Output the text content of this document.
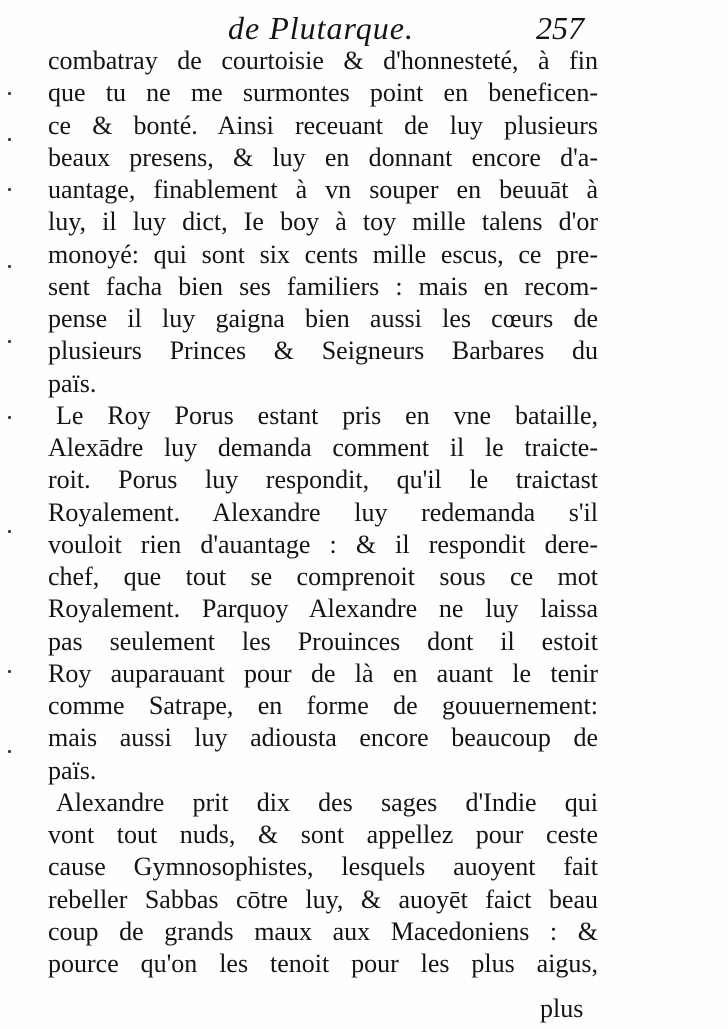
de Plutarque.	257
combatray de courtoisie & d'honnesteté, à fin
que tu ne me surmontes point en beneficen-
ce & bonté. Ainsi receuant de luy plusieurs
beaux presens, & luy en donnant encore d'a-
uantage, finablement à vn souper en beuuāt à
luy, il luy dict, Ie boy à toy mille talens d'or
monoyé: qui sont six cents mille escus, ce pre-
sent facha bien ses familiers : mais en recom-
pense il luy gaigna bien aussi les cœurs de
plusieurs Princes & Seigneurs Barbares du
païs.
Le Roy Porus estant pris en vne bataille,
Alexādre luy demanda comment il le traicte-
roit. Porus luy respondit, qu'il le traictast
Royalement. Alexandre luy redemanda s'il
vouloit rien d'auantage : & il respondit dere-
chef, que tout se comprenoit sous ce mot
Royalement. Parquoy Alexandre ne luy laissa
pas seulement les Prouinces dont il estoit
Roy auparauant pour de là en auant le tenir
comme Satrape, en forme de gouuernement:
mais aussi luy adiousta encore beaucoup de
païs.
Alexandre prit dix des sages d'Indie qui
vont tout nuds, & sont appellez pour ceste
cause Gymnosophistes, lesquels auoyent fait
rebeller Sabbas cōtre luy, & auoyēt faict beau
coup de grands maux aux Macedoniens : &
pource qu'on les tenoit pour les plus aigus,
plus
